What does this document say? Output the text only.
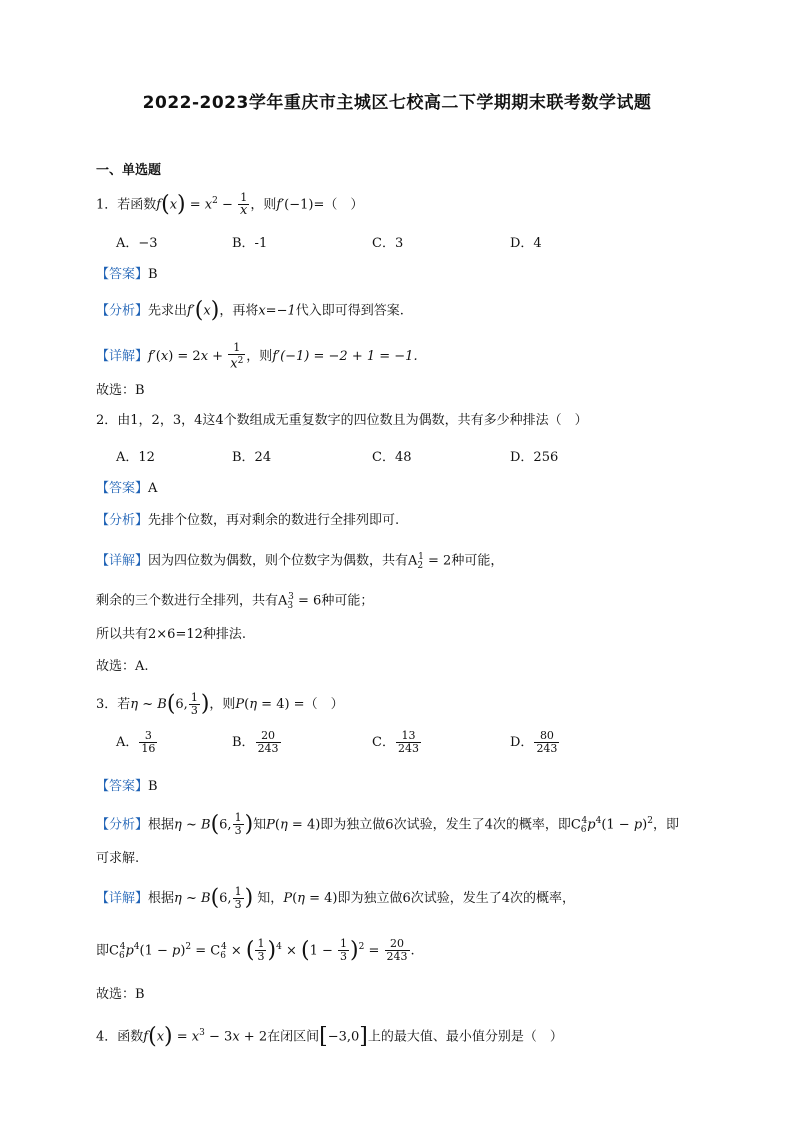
2022-2023学年重庆市主城区七校高二下学期期末联考数学试题
一、单选题
1．若函数$f(x) = x^2 - \frac{1}{x}$ ，则f′(−1)=（　）
A．−3	B．-1	C．3	D．4
【答案】B
【分析】先求出f′(x)，再将x=−1代入即可得到答案.
【详解】$f'(x) = 2x + \frac{1}{x^2}$ ，则f′(−1) = −2 + 1 = −1.
故选：B
2．由1，2，3，4这4个数组成无重复数字的四位数且为偶数，共有多少种排法（　）
A．12	B．24	C．48	D．256
【答案】A
【分析】先排个位数，再对剩余的数进行全排列即可.
【详解】因为四位数为偶数，则个位数字为偶数，共有$A_2^1 = 2$种可能，
剩余的三个数进行全排列，共有$A_3^3 = 6$种可能；
所以共有2×6=12种排法.
故选：A.
3．若η ~ B(6, $\frac{1}{3}$ )，则P(η = 4) =（　）
A． $\frac{3}{16}$	B． $\frac{20}{243}$	C． $\frac{13}{243}$	D． $\frac{80}{243}$
【答案】B
【分析】根据η ~ B(6, $\frac{1}{3}$ )知P(η = 4)即为独立做6次试验，发生了4次的概率，即$C_6^4p^4(1 - p)^2$，即
可求解.
【详解】根据η ~ B(6, $\frac{1}{3}$ ) 知，P(η = 4)即为独立做6次试验，发生了4次的概率，
即$C_6^4p^4(1 - p)^2 = C_6^4$ × ( $\frac{1}{3} )^4 \times (1 - \frac{1}{3} )^2 = \frac{20}{243}$ .
故选：B
4．函数$f(x) = x^3 - 3x + 2$在闭区间[−3,0]上的最大值、最小值分别是（　）
